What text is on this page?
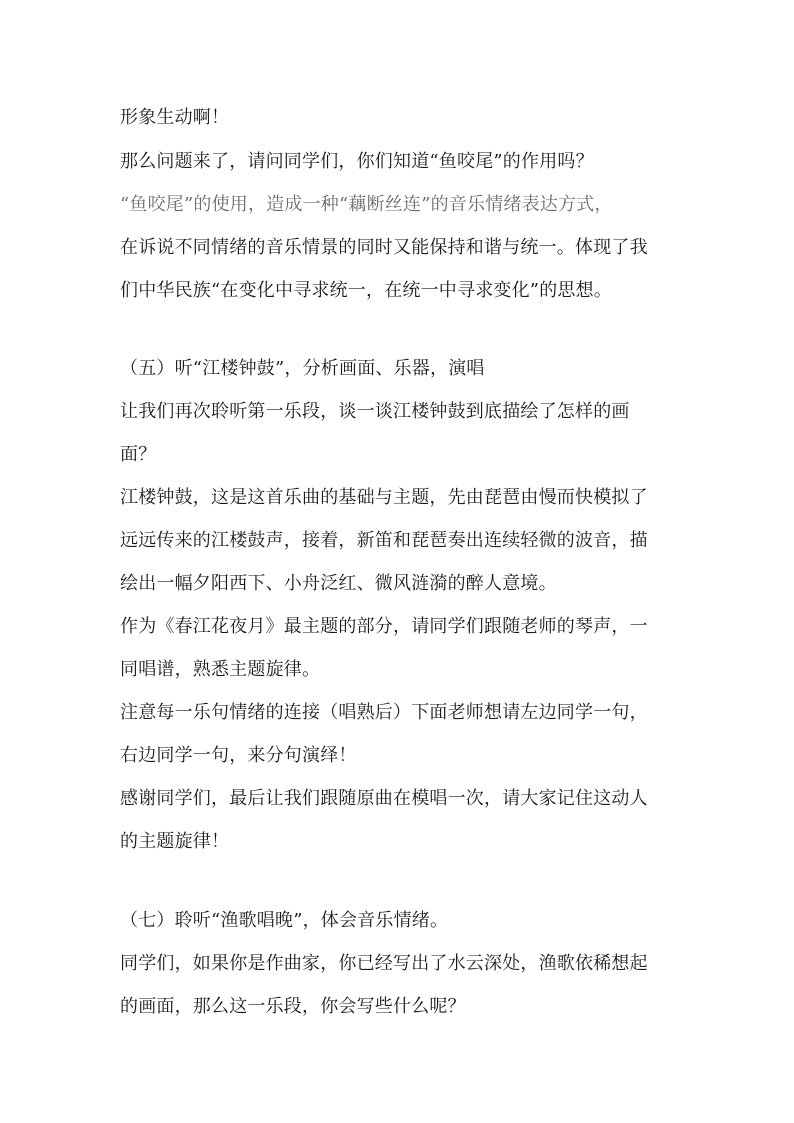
形象生动啊！
那么问题来了，请问同学们，你们知道“鱼咬尾”的作用吗？
“鱼咬尾”的使用，造成一种“藕断丝连”的音乐情绪表达方式，
在诉说不同情绪的音乐情景的同时又能保持和谐与统一。体现了我
们中华民族“在变化中寻求统一，在统一中寻求变化”的思想。
（五）听“江楼钟鼓”，分析画面、乐器，演唱
让我们再次聆听第一乐段，谈一谈江楼钟鼓到底描绘了怎样的画
面？
江楼钟鼓，这是这首乐曲的基础与主题，先由琵琶由慢而快模拟了
远远传来的江楼鼓声，接着，新笛和琵琶奏出连续轻微的波音，描
绘出一幅夕阳西下、小舟泛红、微风涟漪的醉人意境。
作为《春江花夜月》最主题的部分，请同学们跟随老师的琴声，一
同唱谱，熟悉主题旋律。
注意每一乐句情绪的连接（唱熟后）下面老师想请左边同学一句，
右边同学一句，来分句演绎！
感谢同学们，最后让我们跟随原曲在模唱一次，请大家记住这动人
的主题旋律！
（七）聆听“渔歌唱晚”，体会音乐情绪。
同学们，如果你是作曲家，你已经写出了水云深处，渔歌依稀想起
的画面，那么这一乐段，你会写些什么呢？
